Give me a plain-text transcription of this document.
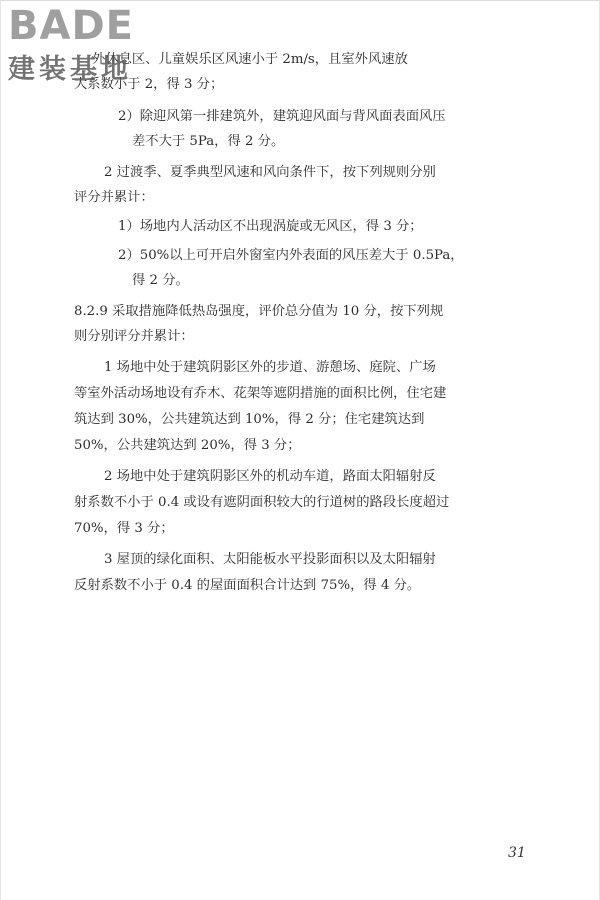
外休息区、儿童娱乐区风速小于 2m/s，且室外风速放
大系数小于 2，得 3 分；
2）除迎风第一排建筑外，建筑迎风面与背风面表面风压
差不大于 5Pa，得 2 分。
2 过渡季、夏季典型风速和风向条件下，按下列规则分别
评分并累计：
1）场地内人活动区不出现涡旋或无风区，得 3 分；
2）50%以上可开启外窗室内外表面的风压差大于 0.5Pa，
得 2 分。
8.2.9 采取措施降低热岛强度，评价总分值为 10 分，按下列规
则分别评分并累计：
1 场地中处于建筑阴影区外的步道、游憩场、庭院、广场
等室外活动场地设有乔木、花架等遮阴措施的面积比例，住宅建
筑达到 30%，公共建筑达到 10%，得 2 分；住宅建筑达到
50%，公共建筑达到 20%，得 3 分；
2 场地中处于建筑阴影区外的机动车道，路面太阳辐射反
射系数不小于 0.4 或设有遮阴面积较大的行道树的路段长度超过
70%，得 3 分；
3 屋顶的绿化面积、太阳能板水平投影面积以及太阳辐射
反射系数不小于 0.4 的屋面面积合计达到 75%，得 4 分。
BADE
建装基地
31
